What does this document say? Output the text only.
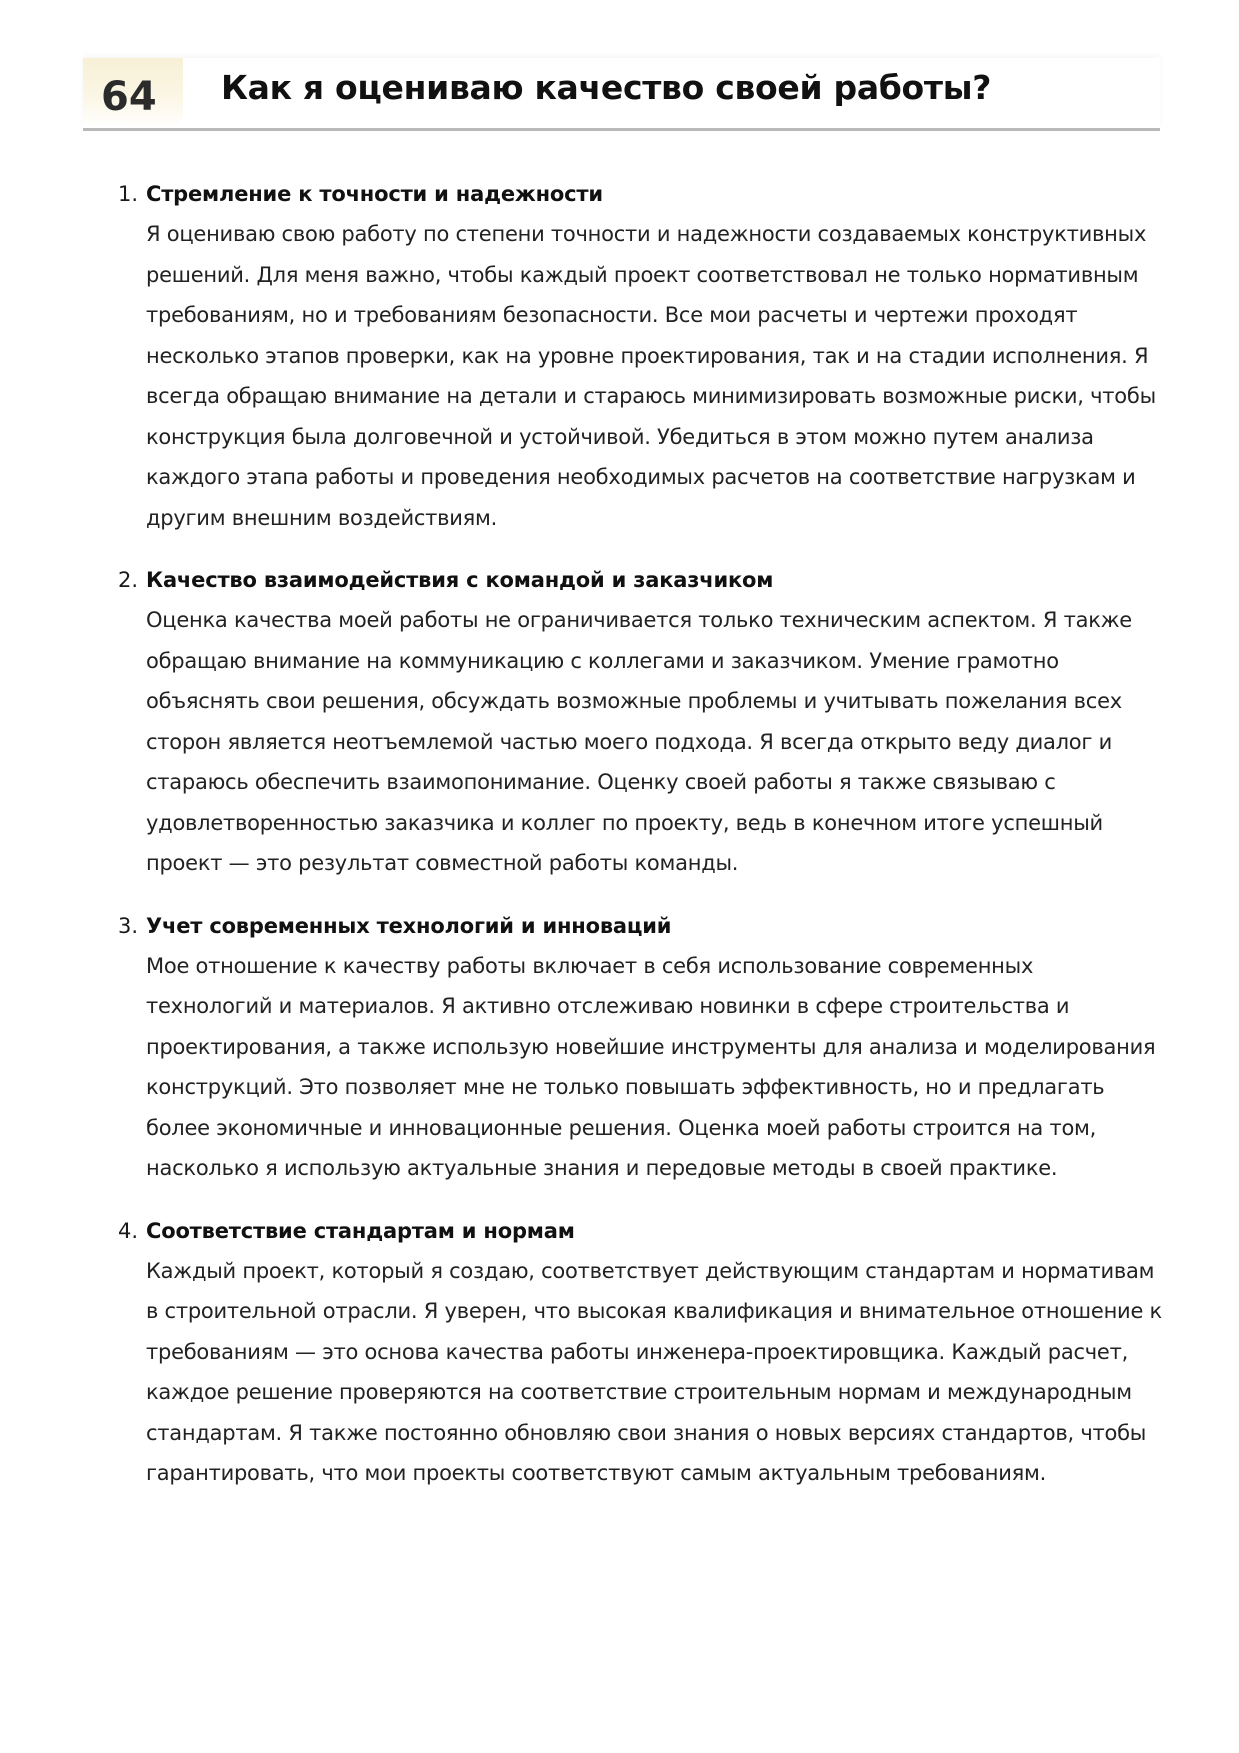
64 Как я оцениваю качество своей работы?
1. Стремление к точности и надежности

Я оцениваю свою работу по степени точности и надежности создаваемых конструктивных решений. Для меня важно, чтобы каждый проект соответствовал не только нормативным требованиям, но и требованиям безопасности. Все мои расчеты и чертежи проходят несколько этапов проверки, как на уровне проектирования, так и на стадии исполнения. Я всегда обращаю внимание на детали и стараюсь минимизировать возможные риски, чтобы конструкция была долговечной и устойчивой. Убедиться в этом можно путем анализа каждого этапа работы и проведения необходимых расчетов на соответствие нагрузкам и другим внешним воздействиям.

2. Качество взаимодействия с командой и заказчиком

Оценка качества моей работы не ограничивается только техническим аспектом. Я также обращаю внимание на коммуникацию с коллегами и заказчиком. Умение грамотно объяснять свои решения, обсуждать возможные проблемы и учитывать пожелания всех сторон является неотъемлемой частью моего подхода. Я всегда открыто веду диалог и стараюсь обеспечить взаимопонимание. Оценку своей работы я также связываю с удовлетворенностью заказчика и коллег по проекту, ведь в конечном итоге успешный проект — это результат совместной работы команды.

3. Учет современных технологий и инноваций

Мое отношение к качеству работы включает в себя использование современных технологий и материалов. Я активно отслеживаю новинки в сфере строительства и проектирования, а также использую новейшие инструменты для анализа и моделирования конструкций. Это позволяет мне не только повышать эффективность, но и предлагать более экономичные и инновационные решения. Оценка моей работы строится на том, насколько я использую актуальные знания и передовые методы в своей практике.

4. Соответствие стандартам и нормам

Каждый проект, который я создаю, соответствует действующим стандартам и нормативам в строительной отрасли. Я уверен, что высокая квалификация и внимательное отношение к требованиям — это основа качества работы инженера-проектировщика. Каждый расчет, каждое решение проверяются на соответствие строительным нормам и международным стандартам. Я также постоянно обновляю свои знания о новых версиях стандартов, чтобы гарантировать, что мои проекты соответствуют самым актуальным требованиям.
